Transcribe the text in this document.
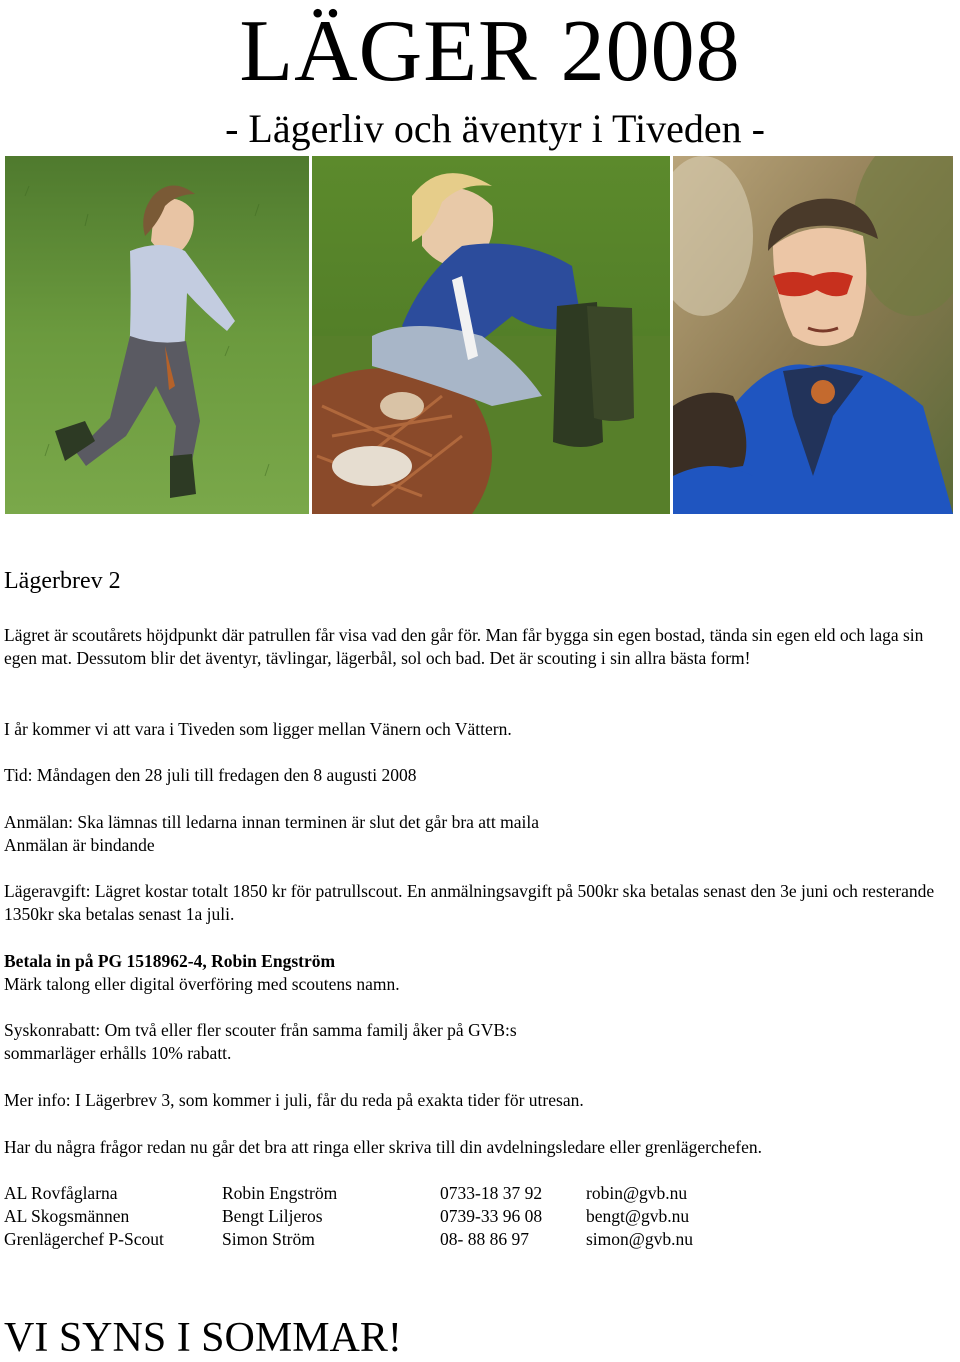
LÄGER 2008
- Lägerliv och äventyr i Tiveden -
Lägerbrev 2

Lägret är scoutårets höjdpunkt där patrullen får visa vad den går för. Man får bygga sin egen bostad, tända sin egen eld och laga sin egen mat. Dessutom blir det äventyr, tävlingar, lägerbål, sol och bad. Det är scouting i sin allra bästa form!

I år kommer vi att vara i Tiveden som ligger mellan Vänern och Vättern.

Tid: Måndagen den 28 juli till fredagen den 8 augusti 2008

Anmälan: Ska lämnas till ledarna innan terminen är slut det går bra att maila

Anmälan är bindande

Lägeravgift: Lägret kostar totalt 1850 kr för patrullscout. En anmälningsavgift på 500kr ska betalas senast den 3e juni och resterande 1350kr ska betalas senast 1a juli.

Betala in på PG 1518962-4, Robin Engström

Märk talong eller digital överföring med scoutens namn.

Syskonrabatt: Om två eller fler scouter från samma familj åker på GVB:s

sommarläger erhålls 10% rabatt.

Mer info: I Lägerbrev 3, som kommer i juli, får du reda på exakta tider för utresan.

Har du några frågor redan nu går det bra att ringa eller skriva till din avdelningsledare eller grenlägerchefen.

AL Rovfåglarna	Robin Engström	0733-18 37 92	robin@gvb.nu
AL Skogsmännen	Bengt Liljeros	0739-33 96 08	bengt@gvb.nu
Grenlägerchef P-Scout	Simon Ström	08- 88 86 97	simon@gvb.nu
VI SYNS I SOMMAR!
